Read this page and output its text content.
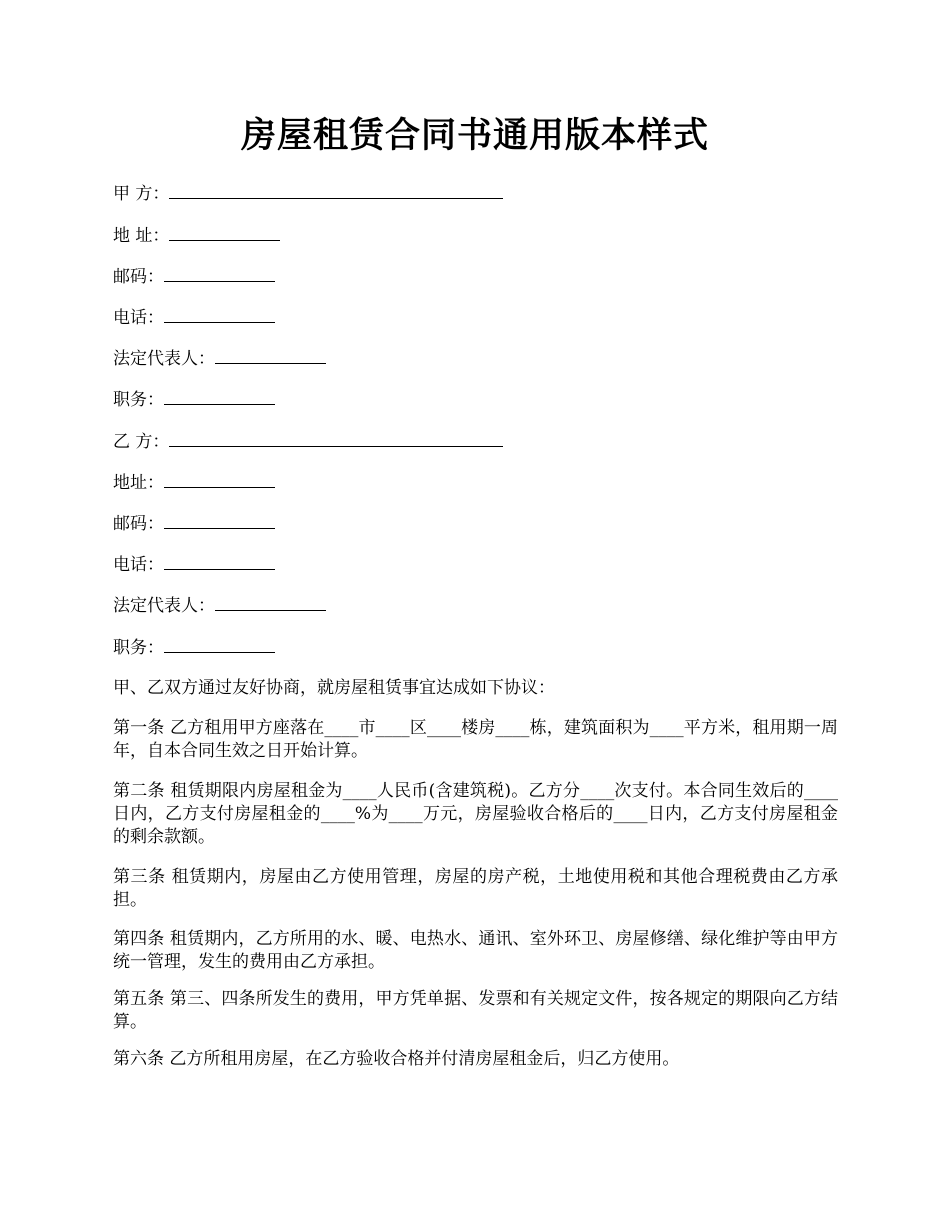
房屋租赁合同书通用版本样式
甲 方：
地 址：
邮码：
电话：
法定代表人：
职务：
乙 方：
地址：
邮码：
电话：
法定代表人：
职务：
甲、乙双方通过友好协商，就房屋租赁事宜达成如下协议：
第一条 乙方租用甲方座落在____市____区____楼房____栋，建筑面积为____平方米，租用期一周年，自本合同生效之日开始计算。
第二条 租赁期限内房屋租金为____人民币(含建筑税)。乙方分____次支付。本合同生效后的____日内，乙方支付房屋租金的____%为____万元，房屋验收合格后的____日内，乙方支付房屋租金的剩余款额。
第三条 租赁期内，房屋由乙方使用管理，房屋的房产税，土地使用税和其他合理税费由乙方承担。
第四条 租赁期内，乙方所用的水、暖、电热水、通讯、室外环卫、房屋修缮、绿化维护等由甲方统一管理，发生的费用由乙方承担。
第五条 第三、四条所发生的费用，甲方凭单据、发票和有关规定文件，按各规定的期限向乙方结算。
第六条 乙方所租用房屋，在乙方验收合格并付清房屋租金后，归乙方使用。
